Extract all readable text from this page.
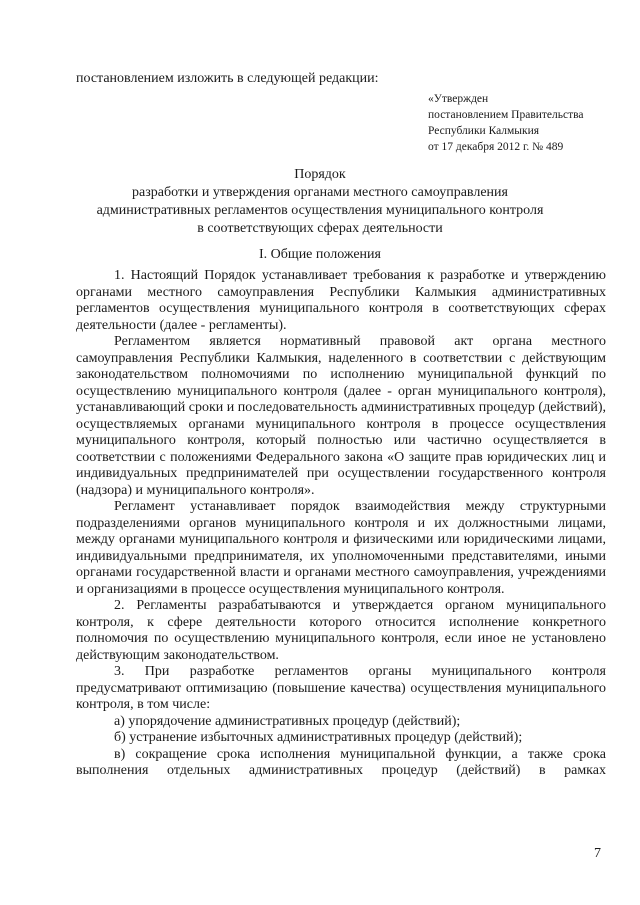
постановлением изложить в следующей редакции:
«Утвержден
постановлением Правительства
Республики Калмыкия
от 17 декабря 2012 г. № 489
Порядок
разработки и утверждения органами местного самоуправления
административных регламентов осуществления муниципального контроля
в соответствующих сферах деятельности
I. Общие положения

1. Настоящий Порядок устанавливает требования к разработке и утверждению органами местного самоуправления Республики Калмыкия административных регламентов осуществления муниципального контроля в соответствующих сферах деятельности (далее - регламенты).

Регламентом является нормативный правовой акт органа местного самоуправления Республики Калмыкия, наделенного в соответствии с действующим законодательством полномочиями по исполнению муниципальной функций по осуществлению муниципального контроля (далее - орган муниципального контроля), устанавливающий сроки и последовательность административных процедур (действий), осуществляемых органами муниципального контроля в процессе осуществления муниципального контроля, который полностью или частично осуществляется в соответствии с положениями Федерального закона «О защите прав юридических лиц и индивидуальных предпринимателей при осуществлении государственного контроля (надзора) и муниципального контроля».

Регламент устанавливает порядок взаимодействия между структурными подразделениями органов муниципального контроля и их должностными лицами, между органами муниципального контроля и физическими или юридическими лицами, индивидуальными предпринимателя, их уполномоченными представителями, иными органами государственной власти и органами местного самоуправления, учреждениями и организациями в процессе осуществления муниципального контроля.

2. Регламенты разрабатываются и утверждается органом муниципального контроля, к сфере деятельности которого относится исполнение конкретного полномочия по осуществлению муниципального контроля, если иное не установлено действующим законодательством.

3. При разработке регламентов органы муниципального контроля предусматривают оптимизацию (повышение качества) осуществления муниципального контроля, в том числе:

а) упорядочение административных процедур (действий);

б) устранение избыточных административных процедур (действий);

в) сокращение срока исполнения муниципальной функции, а также срока выполнения отдельных административных процедур (действий) в рамках

7
